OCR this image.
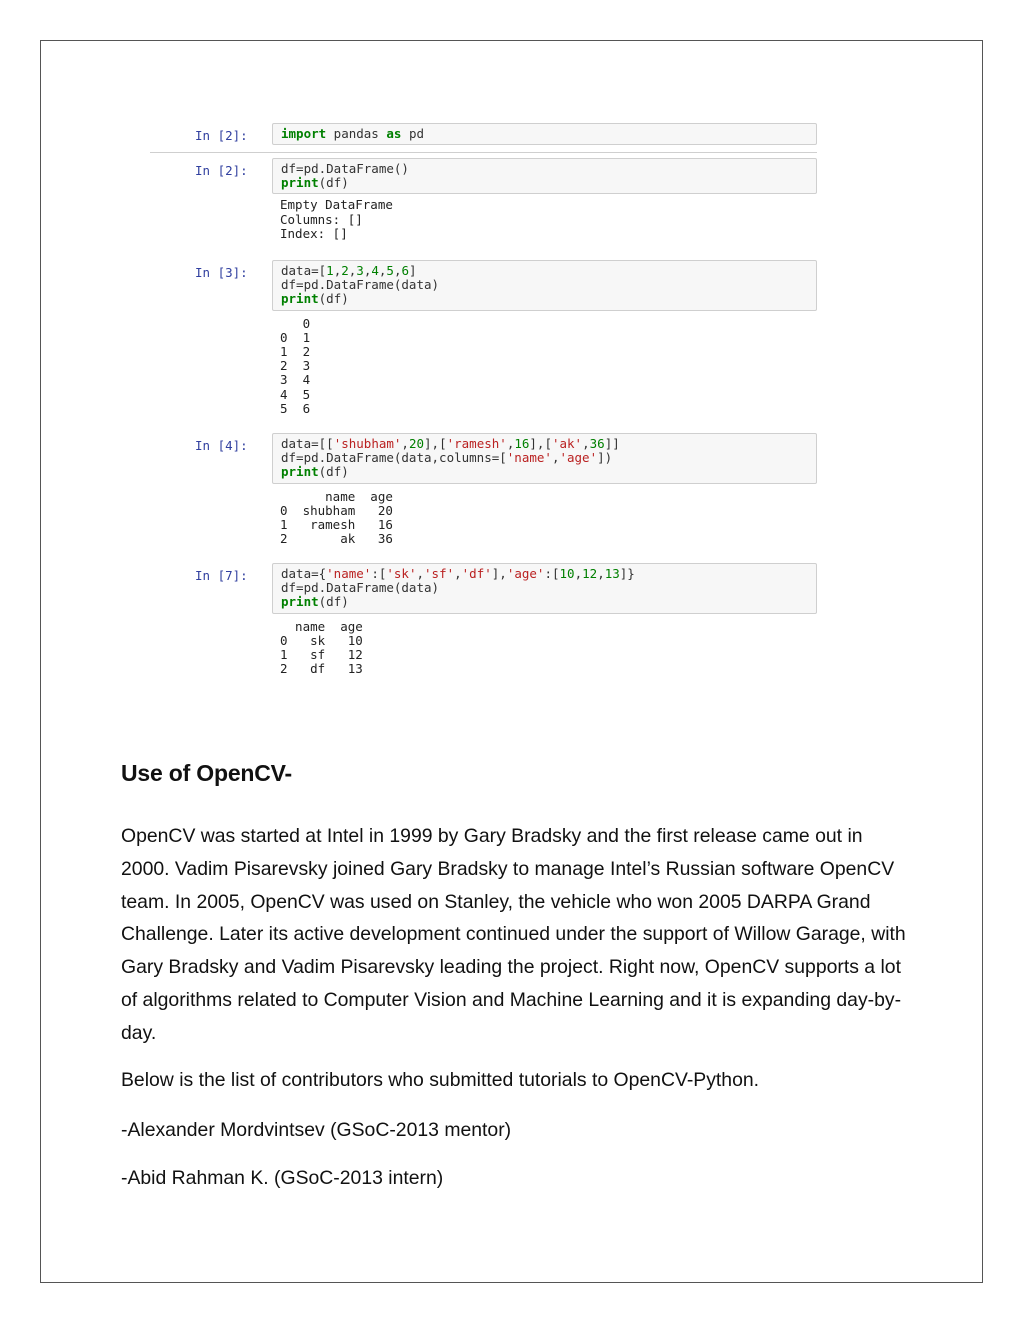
In [2]:	import pandas as pd
In [2]:	df=pd.DataFrame()
print(df)
Empty DataFrame
Columns: []
Index: []
In [3]:	data=[1,2,3,4,5,6]
df=pd.DataFrame(data)
print(df)
0
0  1
1  2
2  3
3  4
4  5
5  6
In [4]:	data=[['shubham',20],['ramesh',16],['ak',36]]
df=pd.DataFrame(data,columns=['name','age'])
print(df)
name  age
0  shubham   20
1   ramesh   16
2       ak   36
In [7]:	data={'name':['sk','sf','df'],'age':[10,12,13]}
df=pd.DataFrame(data)
print(df)
name  age
0   sk   10
1   sf   12
2   df   13
Use of OpenCV-
OpenCV was started at Intel in 1999 by Gary Bradsky and the first release came out in 2000. Vadim Pisarevsky joined Gary Bradsky to manage Intel’s Russian software OpenCV team. In 2005, OpenCV was used on Stanley, the vehicle who won 2005 DARPA Grand Challenge. Later its active development continued under the support of Willow Garage, with Gary Bradsky and Vadim Pisarevsky leading the project. Right now, OpenCV supports a lot of algorithms related to Computer Vision and Machine Learning and it is expanding day-by-day.
Below is the list of contributors who submitted tutorials to OpenCV-Python.
-Alexander Mordvintsev (GSoC-2013 mentor)
-Abid Rahman K. (GSoC-2013 intern)
